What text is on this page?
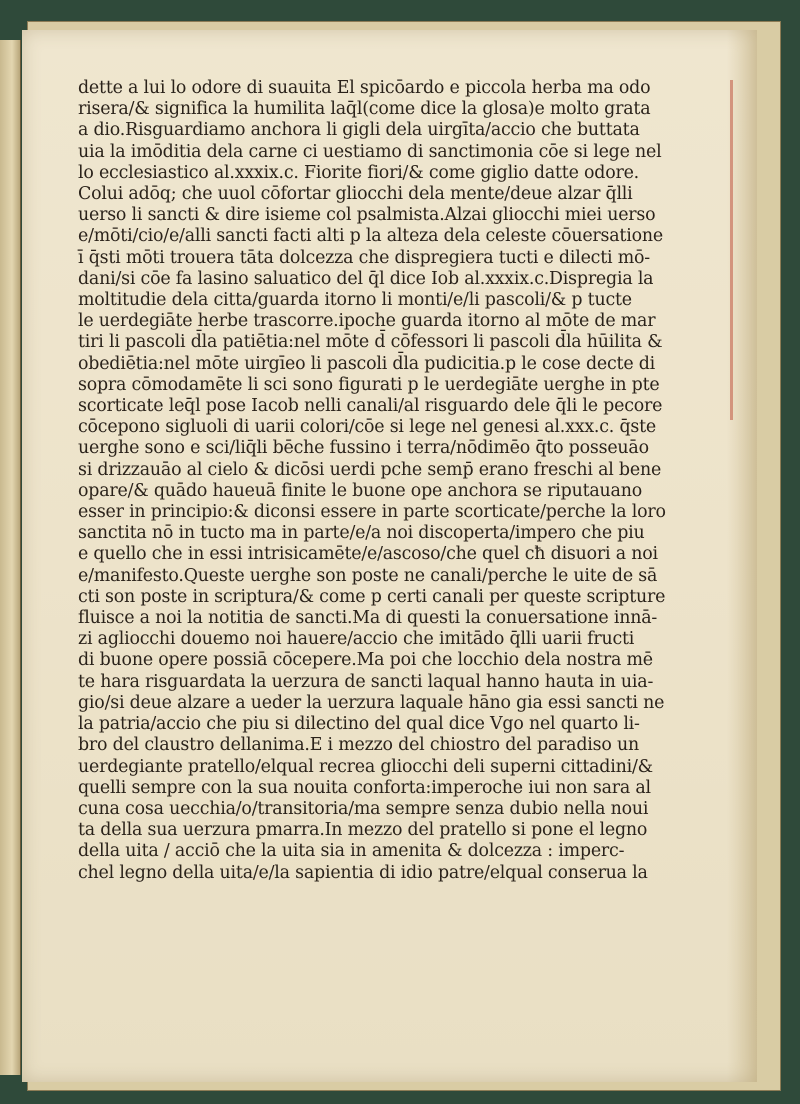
dette a lui lo odore di suauita El spicōardo e piccola herba ma odo
risera/& significa la humilita laq̄l(come dice la glosa)e molto grata
a dio.Risguardiamo anchora li gigli dela uirgīta/accio che buttata
uia la imōditia dela carne ci uestiamo di sanctimonia cōe si lege nel
lo ecclesiastico al.xxxix.c. Fiorite fiori/& come giglio datte odore.
Colui adōq; che uuol cōfortar gliocchi dela mente/deue alzar q̄lli
uerso li sancti & dire isieme col psalmista.Alzai gliocchi miei uerso
e/mōti/cio/e/alli sancti facti alti p la alteza dela celeste cōuersatione
ī q̄sti mōti trouera tāta dolcezza che dispregiera tucti e dilecti mō-
dani/si cōe fa lasino saluatico del q̄l dice Iob al.xxxix.c.Dispregia la
moltitudie dela citta/guarda itorno li monti/e/li pascoli/& p tucte
le uerdegiāte herbe trascorre.ipoche guarda itorno al mōte de mar
tiri li pascoli d̄la patiētia:nel mōte d̄ cōfessori li pascoli d̄la hūilita &
obediētia:nel mōte uirgīeo li pascoli d̄la pudicitia.p le cose decte di
sopra cōmodamēte li sci sono figurati p le uerdegiāte uerghe in pte
scorticate leq̄l pose Iacob nelli canali/al risguardo dele q̄li le pecore
cōcepono sigluoli di uarii colori/cōe si lege nel genesi al.xxx.c. q̄ste
uerghe sono e sci/liq̄li bēche fussino i terra/nōdimēo q̄to posseuāo
si drizzauāo al cielo & dicōsi uerdi pche semp̄ erano freschi al bene
opare/& quādo haueuā finite le buone ope anchora se riputauano
esser in principio:& diconsi essere in parte scorticate/perche la loro
sanctita nō in tucto ma in parte/e/a noi discoperta/impero che piu
e quello che in essi intrisicamēte/e/ascoso/che quel cħ disuori a noi
e/manifesto.Queste uerghe son poste ne canali/perche le uite de sā
cti son poste in scriptura/& come p certi canali per queste scripture
fluisce a noi la notitia de sancti.Ma di questi la conuersatione innā-
zi agliocchi douemo noi hauere/accio che imitādo q̄lli uarii fructi
di buone opere possiā cōcepere.Ma poi che locchio dela nostra mē
te hara risguardata la uerzura de sancti laqual hanno hauta in uia-
gio/si deue alzare a ueder la uerzura laquale hāno gia essi sancti ne
la patria/accio che piu si dilectino del qual dice Vgo nel quarto li-
bro del claustro dellanima.E i mezzo del chiostro del paradiso un
uerdegiante pratello/elqual recrea gliocchi deli superni cittadini/&
quelli sempre con la sua nouita conforta:imperoche iui non sara al
cuna cosa uecchia/o/transitoria/ma sempre senza dubio nella noui
ta della sua uerzura pmarra.In mezzo del pratello si pone el legno
della uita / acciō che la uita sia in amenita & dolcezza : imperc-
chel legno della uita/e/la sapientia di idio patre/elqual conserua la
